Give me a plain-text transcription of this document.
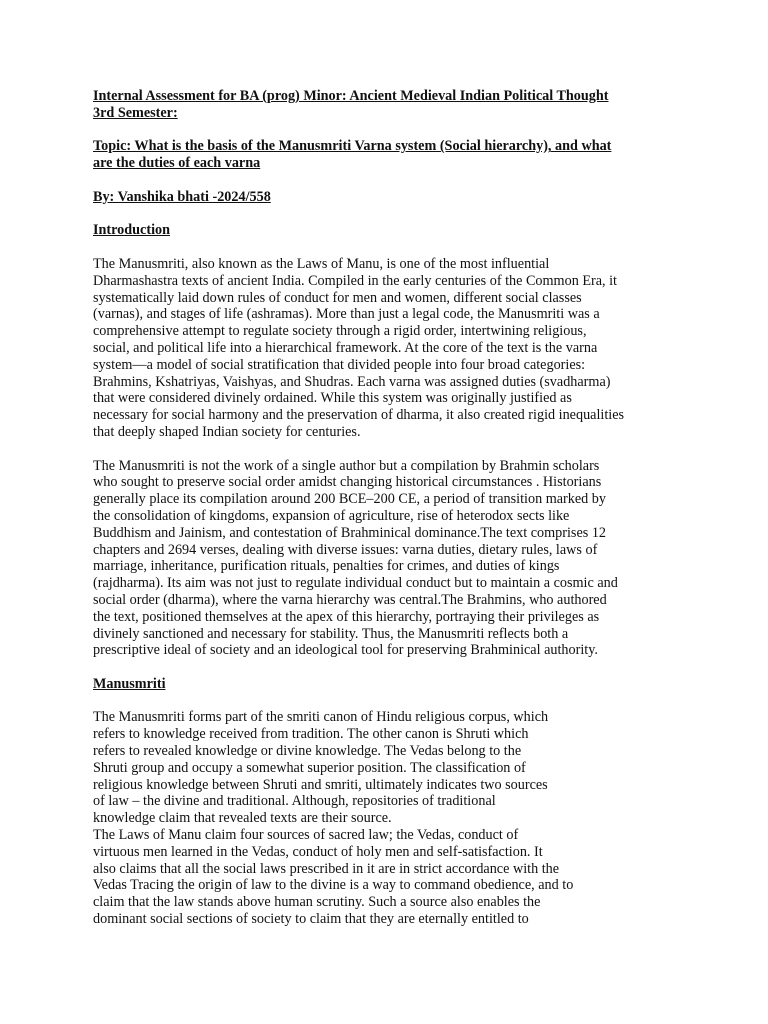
Internal Assessment for BA (prog) Minor: Ancient Medieval Indian Political Thought
3rd Semester:
Topic: What is the basis of the Manusmriti Varna system (Social hierarchy), and what
are the duties of each varna
By: Vanshika bhati -2024/558
Introduction
The Manusmriti, also known as the Laws of Manu, is one of the most influential
Dharmashastra texts of ancient India. Compiled in the early centuries of the Common Era, it
systematically laid down rules of conduct for men and women, different social classes
(varnas), and stages of life (ashramas). More than just a legal code, the Manusmriti was a
comprehensive attempt to regulate society through a rigid order, intertwining religious,
social, and political life into a hierarchical framework. At the core of the text is the varna
system—a model of social stratification that divided people into four broad categories:
Brahmins, Kshatriyas, Vaishyas, and Shudras. Each varna was assigned duties (svadharma)
that were considered divinely ordained. While this system was originally justified as
necessary for social harmony and the preservation of dharma, it also created rigid inequalities
that deeply shaped Indian society for centuries.
The Manusmriti is not the work of a single author but a compilation by Brahmin scholars
who sought to preserve social order amidst changing historical circumstances . Historians
generally place its compilation around 200 BCE–200 CE, a period of transition marked by
the consolidation of kingdoms, expansion of agriculture, rise of heterodox sects like
Buddhism and Jainism, and contestation of Brahminical dominance.The text comprises 12
chapters and 2694 verses, dealing with diverse issues: varna duties, dietary rules, laws of
marriage, inheritance, purification rituals, penalties for crimes, and duties of kings
(rajdharma). Its aim was not just to regulate individual conduct but to maintain a cosmic and
social order (dharma), where the varna hierarchy was central.The Brahmins, who authored
the text, positioned themselves at the apex of this hierarchy, portraying their privileges as
divinely sanctioned and necessary for stability. Thus, the Manusmriti reflects both a
prescriptive ideal of society and an ideological tool for preserving Brahminical authority.
Manusmriti
The Manusmriti forms part of the smriti canon of Hindu religious corpus, which
refers to knowledge received from tradition. The other canon is Shruti which
refers to revealed knowledge or divine knowledge. The Vedas belong to the
Shruti group and occupy a somewhat superior position. The classification of
religious knowledge between Shruti and smriti, ultimately indicates two sources
of law – the divine and traditional. Although, repositories of traditional
knowledge claim that revealed texts are their source.
The Laws of Manu claim four sources of sacred law; the Vedas, conduct of
virtuous men learned in the Vedas, conduct of holy men and self-satisfaction. It
also claims that all the social laws prescribed in it are in strict accordance with the
Vedas Tracing the origin of law to the divine is a way to command obedience, and to
claim that the law stands above human scrutiny. Such a source also enables the
dominant social sections of society to claim that they are eternally entitled to
